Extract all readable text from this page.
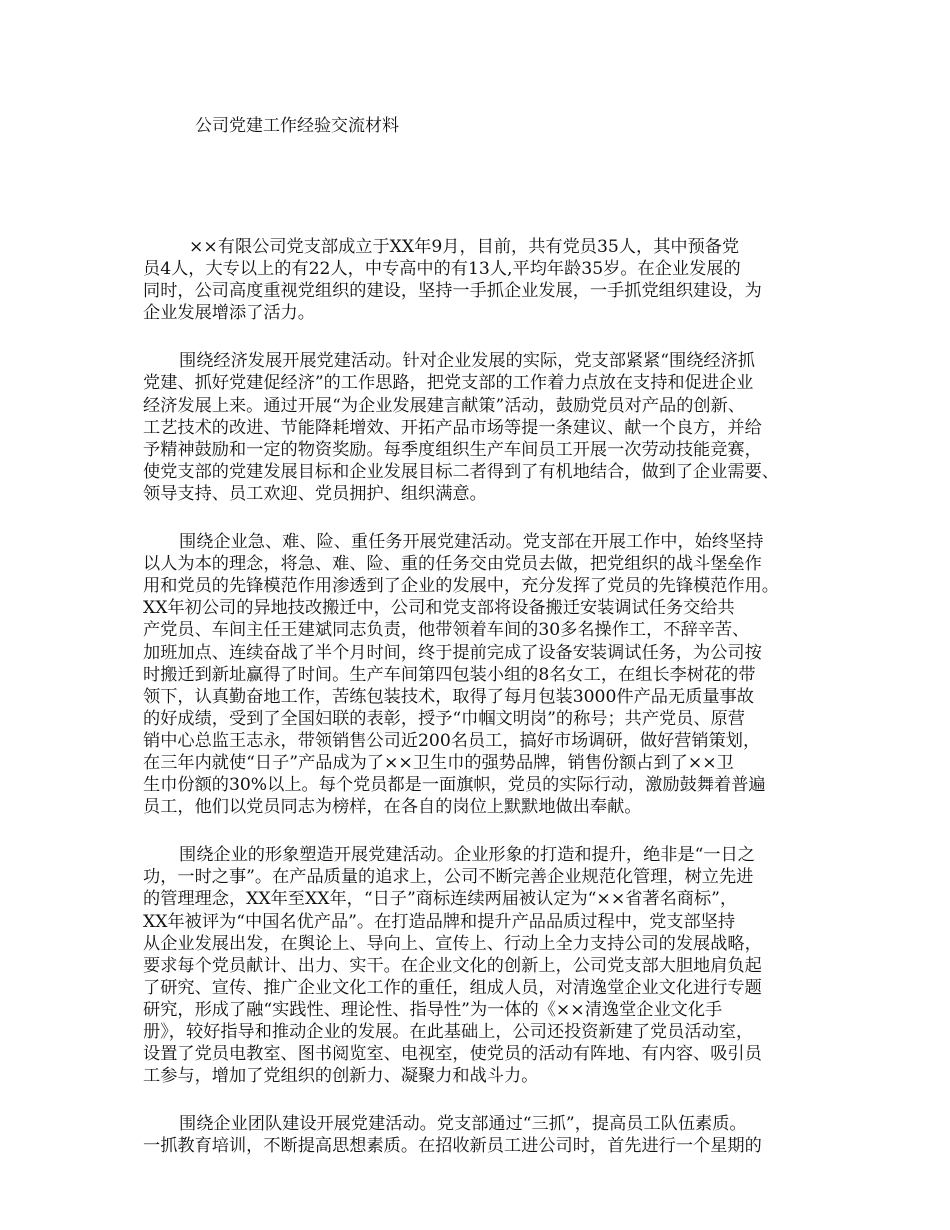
公司党建工作经验交流材料
××有限公司党支部成立于XX年9月，目前，共有党员35人，其中预备党
员4人，大专以上的有22人，中专高中的有13人,平均年龄35岁。在企业发展的
同时，公司高度重视党组织的建设，坚持一手抓企业发展，一手抓党组织建设，为
企业发展增添了活力。
围绕经济发展开展党建活动。针对企业发展的实际，党支部紧紧“围绕经济抓
党建、抓好党建促经济”的工作思路，把党支部的工作着力点放在支持和促进企业
经济发展上来。通过开展“为企业发展建言献策”活动，鼓励党员对产品的创新、
工艺技术的改进、节能降耗增效、开拓产品市场等提一条建议、献一个良方，并给
予精神鼓励和一定的物资奖励。每季度组织生产车间员工开展一次劳动技能竞赛，
使党支部的党建发展目标和企业发展目标二者得到了有机地结合，做到了企业需要、
领导支持、员工欢迎、党员拥护、组织满意。
围绕企业急、难、险、重任务开展党建活动。党支部在开展工作中，始终坚持
以人为本的理念，将急、难、险、重的任务交由党员去做，把党组织的战斗堡垒作
用和党员的先锋模范作用渗透到了企业的发展中，充分发挥了党员的先锋模范作用。
XX年初公司的异地技改搬迁中，公司和党支部将设备搬迁安装调试任务交给共
产党员、车间主任王建斌同志负责，他带领着车间的30多名操作工，不辞辛苦、
加班加点、连续奋战了半个月时间，终于提前完成了设备安装调试任务，为公司按
时搬迁到新址赢得了时间。生产车间第四包装小组的8名女工，在组长李树花的带
领下，认真勤奋地工作，苦练包装技术，取得了每月包装3000件产品无质量事故
的好成绩，受到了全国妇联的表彰，授予“巾帼文明岗”的称号；共产党员、原营
销中心总监王志永，带领销售公司近200名员工，搞好市场调研，做好营销策划，
在三年内就使“日子”产品成为了××卫生巾的强势品牌，销售份额占到了××卫
生巾份额的30%以上。每个党员都是一面旗帜，党员的实际行动，激励鼓舞着普遍
员工，他们以党员同志为榜样，在各自的岗位上默默地做出奉献。
围绕企业的形象塑造开展党建活动。企业形象的打造和提升，绝非是“一日之
功，一时之事”。在产品质量的追求上，公司不断完善企业规范化管理，树立先进
的管理理念，XX年至XX年，“日子”商标连续两届被认定为“××省著名商标”，
XX年被评为“中国名优产品”。在打造品牌和提升产品品质过程中，党支部坚持
从企业发展出发，在舆论上、导向上、宣传上、行动上全力支持公司的发展战略，
要求每个党员献计、出力、实干。在企业文化的创新上，公司党支部大胆地肩负起
了研究、宣传、推广企业文化工作的重任，组成人员，对清逸堂企业文化进行专题
研究，形成了融“实践性、理论性、指导性”为一体的《××清逸堂企业文化手
册》，较好指导和推动企业的发展。在此基础上，公司还投资新建了党员活动室，
设置了党员电教室、图书阅览室、电视室，使党员的活动有阵地、有内容、吸引员
工参与，增加了党组织的创新力、凝聚力和战斗力。
围绕企业团队建设开展党建活动。党支部通过“三抓”，提高员工队伍素质。
一抓教育培训，不断提高思想素质。在招收新员工进公司时，首先进行一个星期的
